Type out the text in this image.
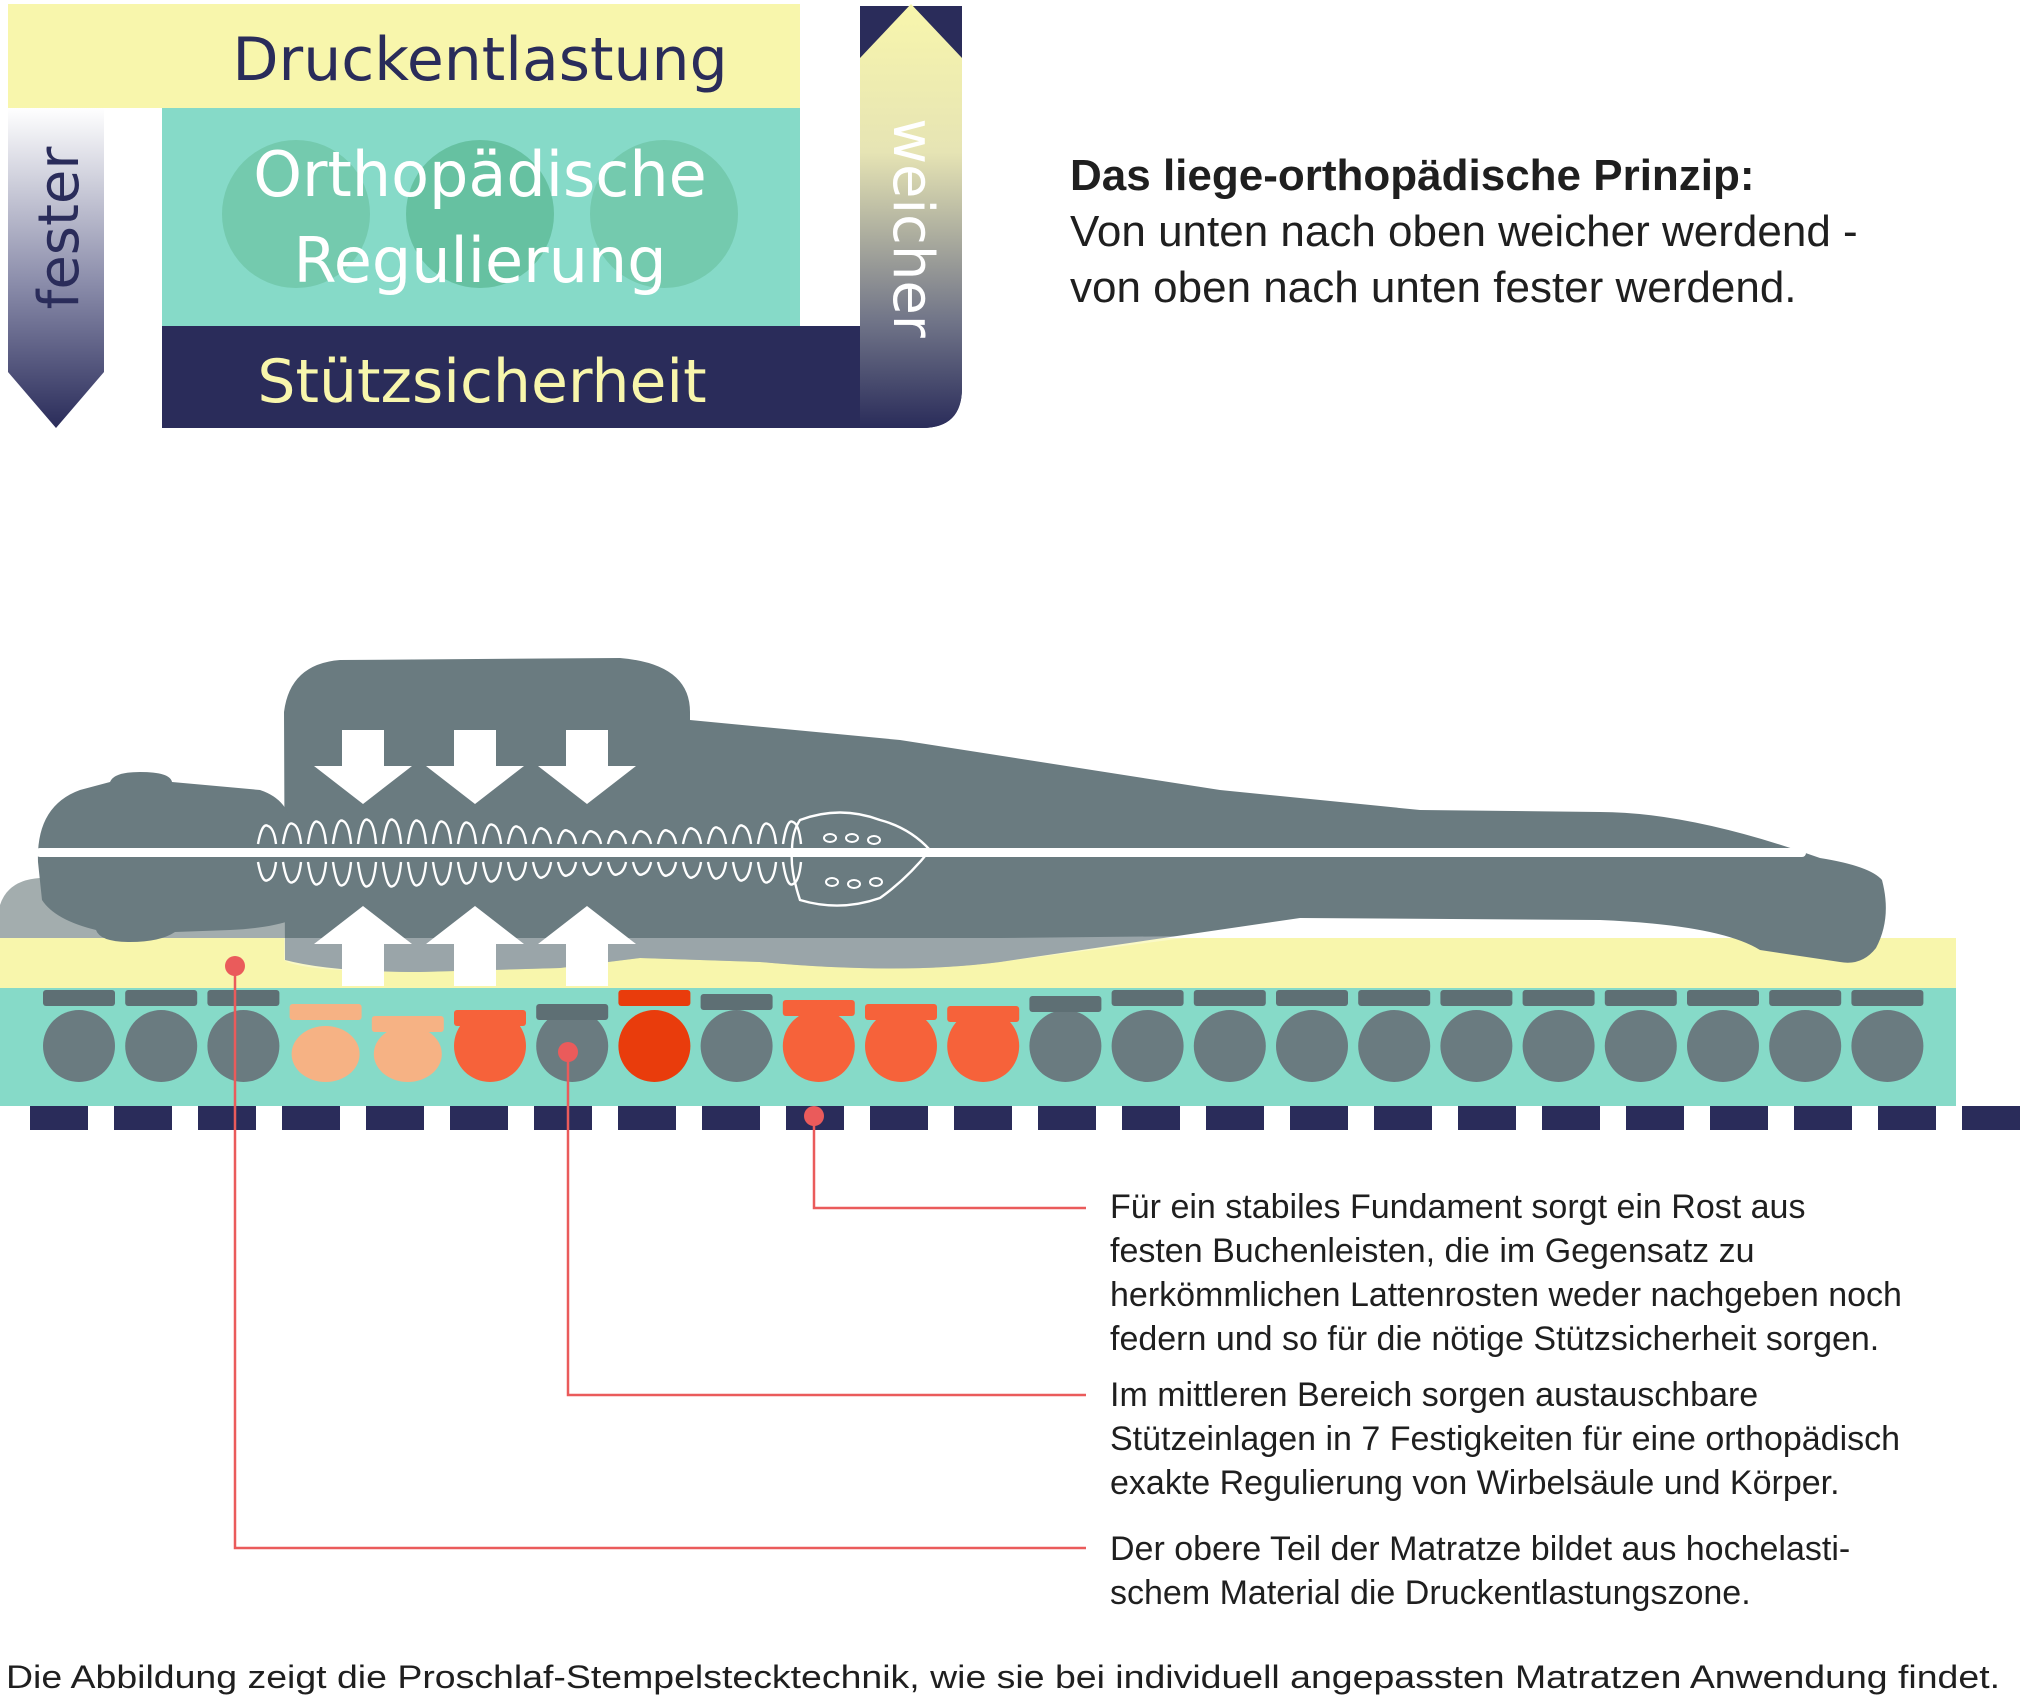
Druckentlastung
Orthopädische
Regulierung
Stützsicherheit
fester	weicher	Das liege-orthopädische Prinzip:
Von unten nach oben weicher werdend -
von oben nach unten fester werdend.
Für ein stabiles Fundament sorgt ein Rost aus
festen Buchenleisten, die im Gegensatz zu
herkömmlichen Lattenrosten weder nachgeben noch
federn und so für die nötige Stützsicherheit sorgen.
Im mittleren Bereich sorgen austauschbare
Stützeinlagen in 7 Festigkeiten für eine orthopädisch
exakte Regulierung von Wirbelsäule und Körper.
Der obere Teil der Matratze bildet aus hochelasti-
schem Material die Druckentlastungszone.
Die Abbildung zeigt die Proschlaf-Stempelstecktechnik, wie sie bei individuell angepassten Matratzen Anwendung findet.
